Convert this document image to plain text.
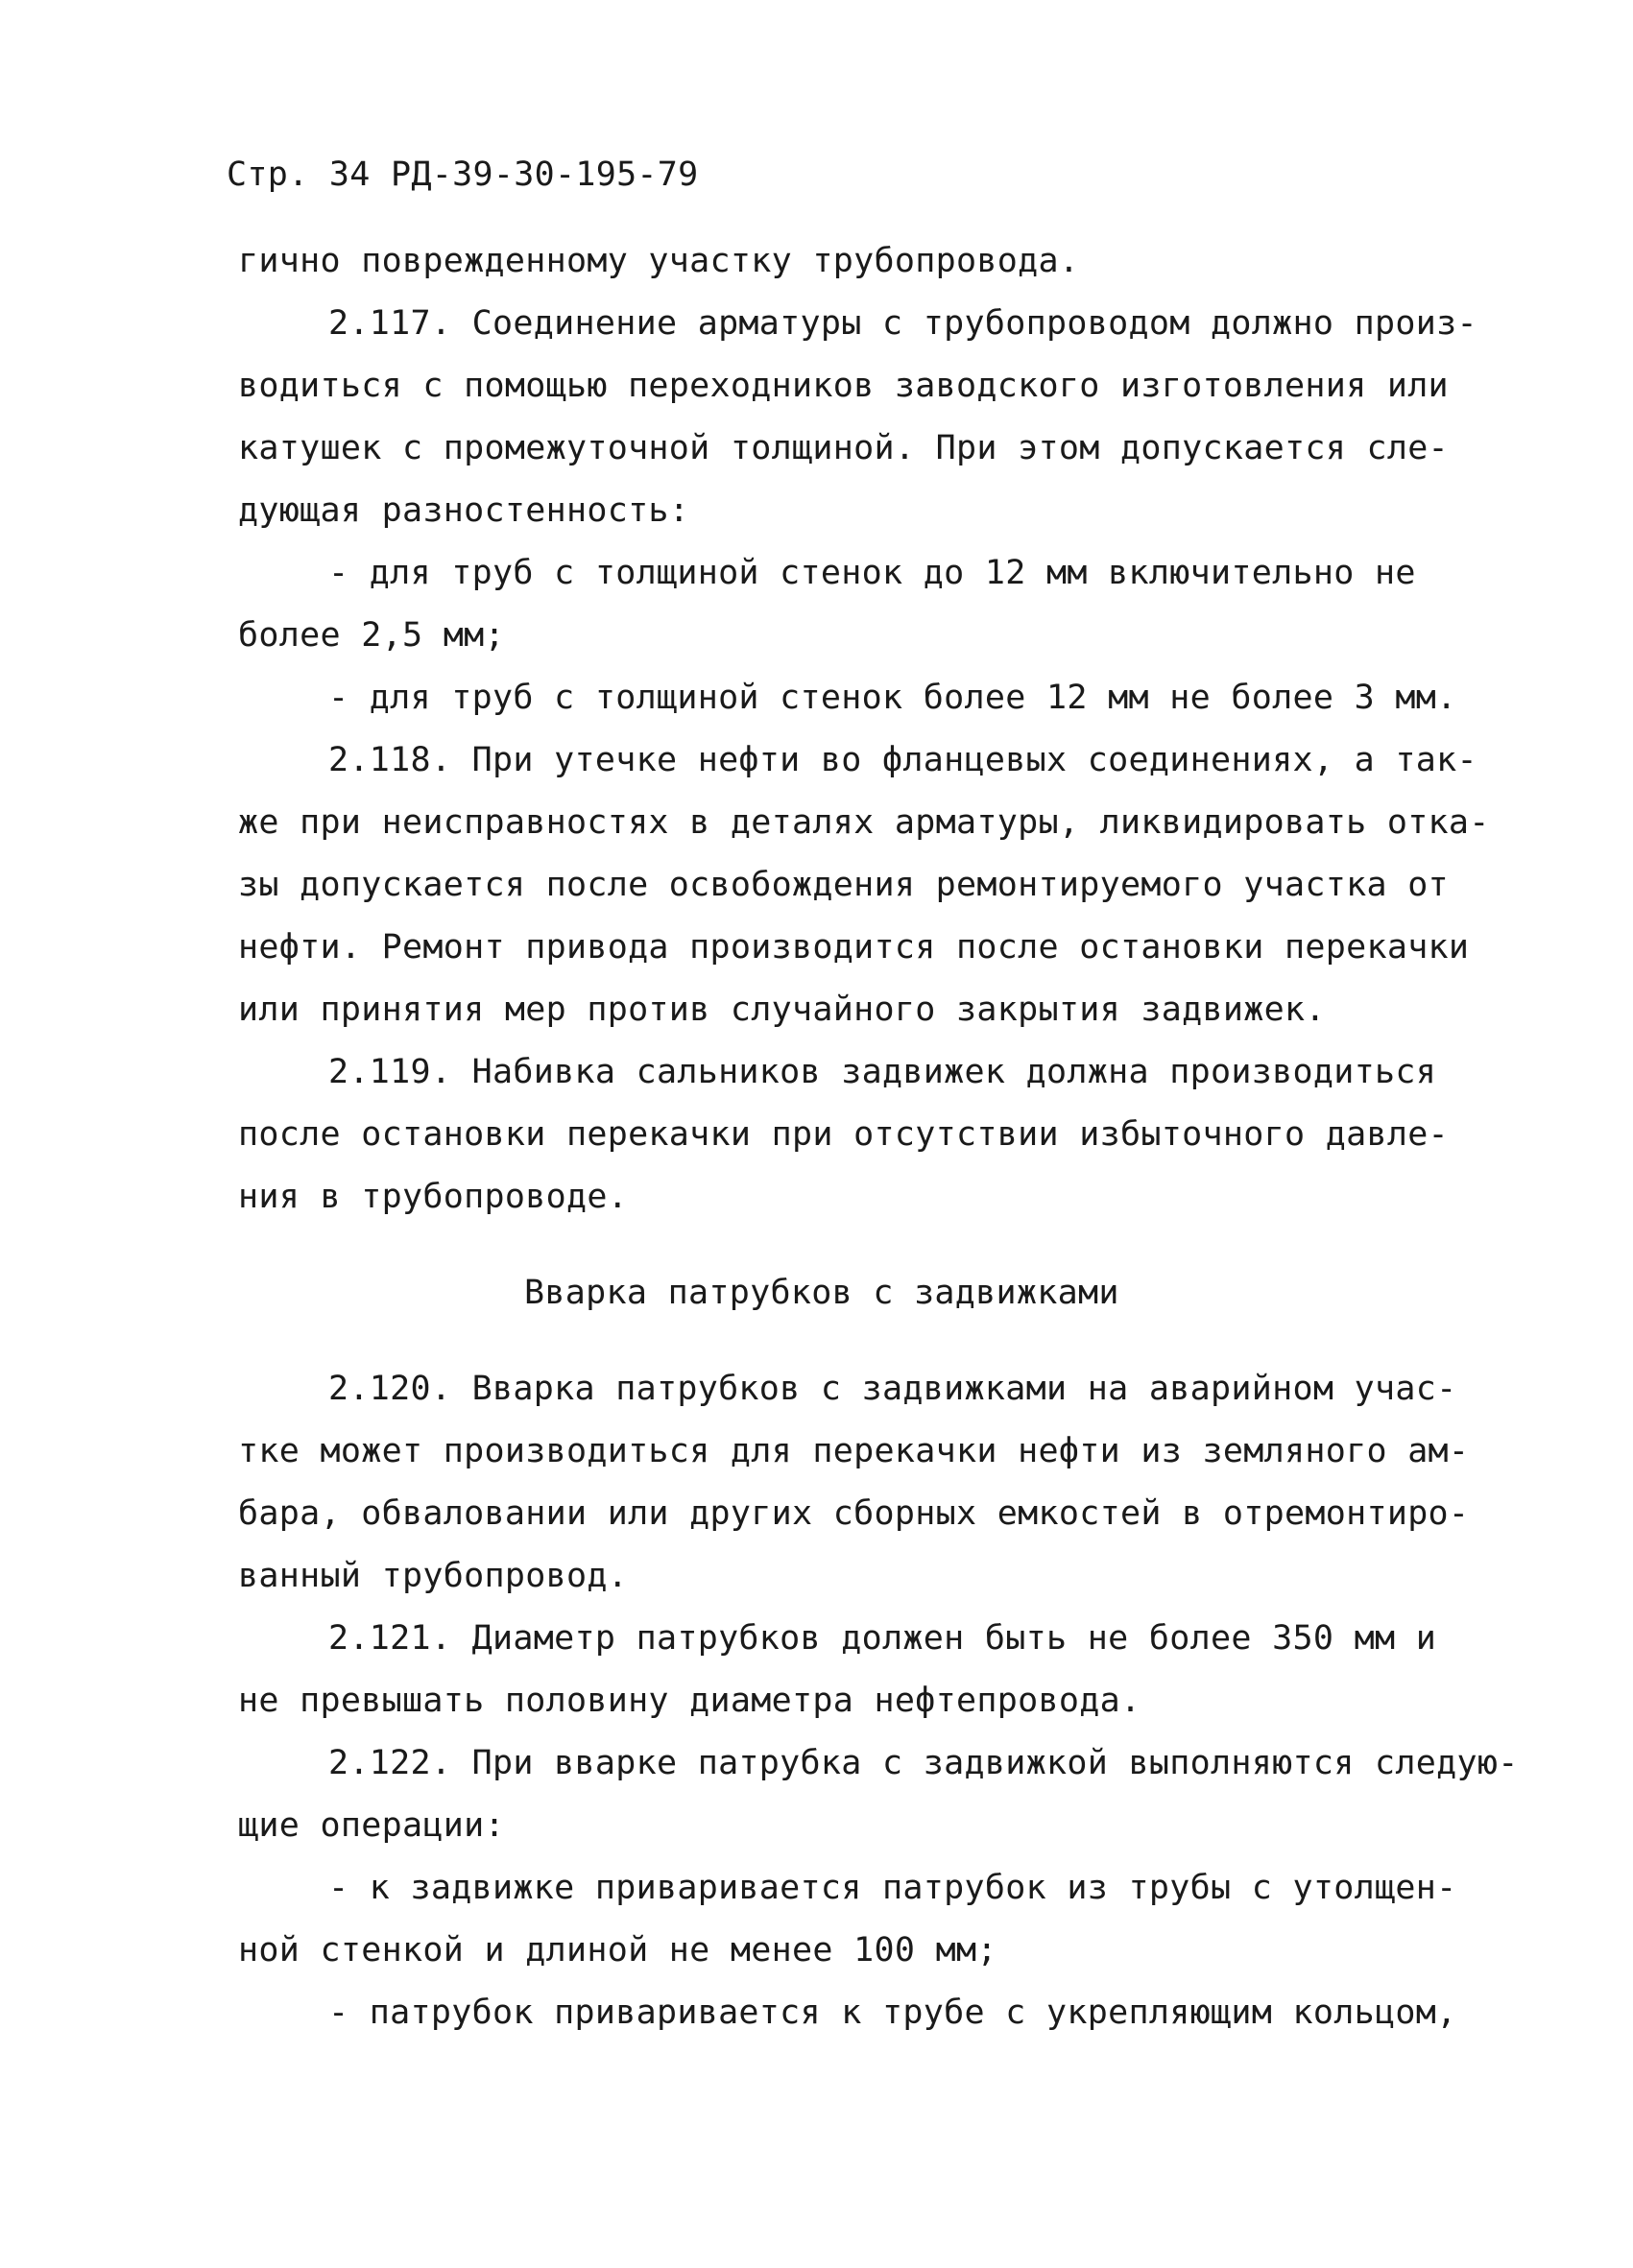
Стр. 34 РД-39-30-195-79
гично поврежденному участку трубопровода.
2.117. Соединение арматуры с трубопроводом должно произ-
водиться с помощью переходников заводского изготовления или
катушек с промежуточной толщиной. При этом допускается сле-
дующая разностенность:
- для труб с толщиной стенок до 12 мм включительно не
более 2,5 мм;
- для труб с толщиной стенок более 12 мм не более 3 мм.
2.118. При утечке нефти во фланцевых соединениях, а так-
же при неисправностях в деталях арматуры, ликвидировать отка-
зы допускается после освобождения ремонтируемого участка от
нефти. Ремонт привода производится после остановки перекачки
или принятия мер против случайного закрытия задвижек.
2.119. Набивка сальников задвижек должна производиться
после остановки перекачки при отсутствии избыточного давле-
ния в трубопроводе.
Вварка патрубков с задвижками
2.120. Вварка патрубков с задвижками на аварийном учас-
тке может производиться для перекачки нефти из земляного ам-
бара, обваловании или других сборных емкостей в отремонтиро-
ванный трубопровод.
2.121. Диаметр патрубков должен быть не более 350 мм и
не превышать половину диаметра нефтепровода.
2.122. При вварке патрубка с задвижкой выполняются следую-
щие операции:
- к задвижке приваривается патрубок из трубы с утолщен-
ной стенкой и длиной не менее 100 мм;
- патрубок приваривается к трубе с укрепляющим кольцом,
